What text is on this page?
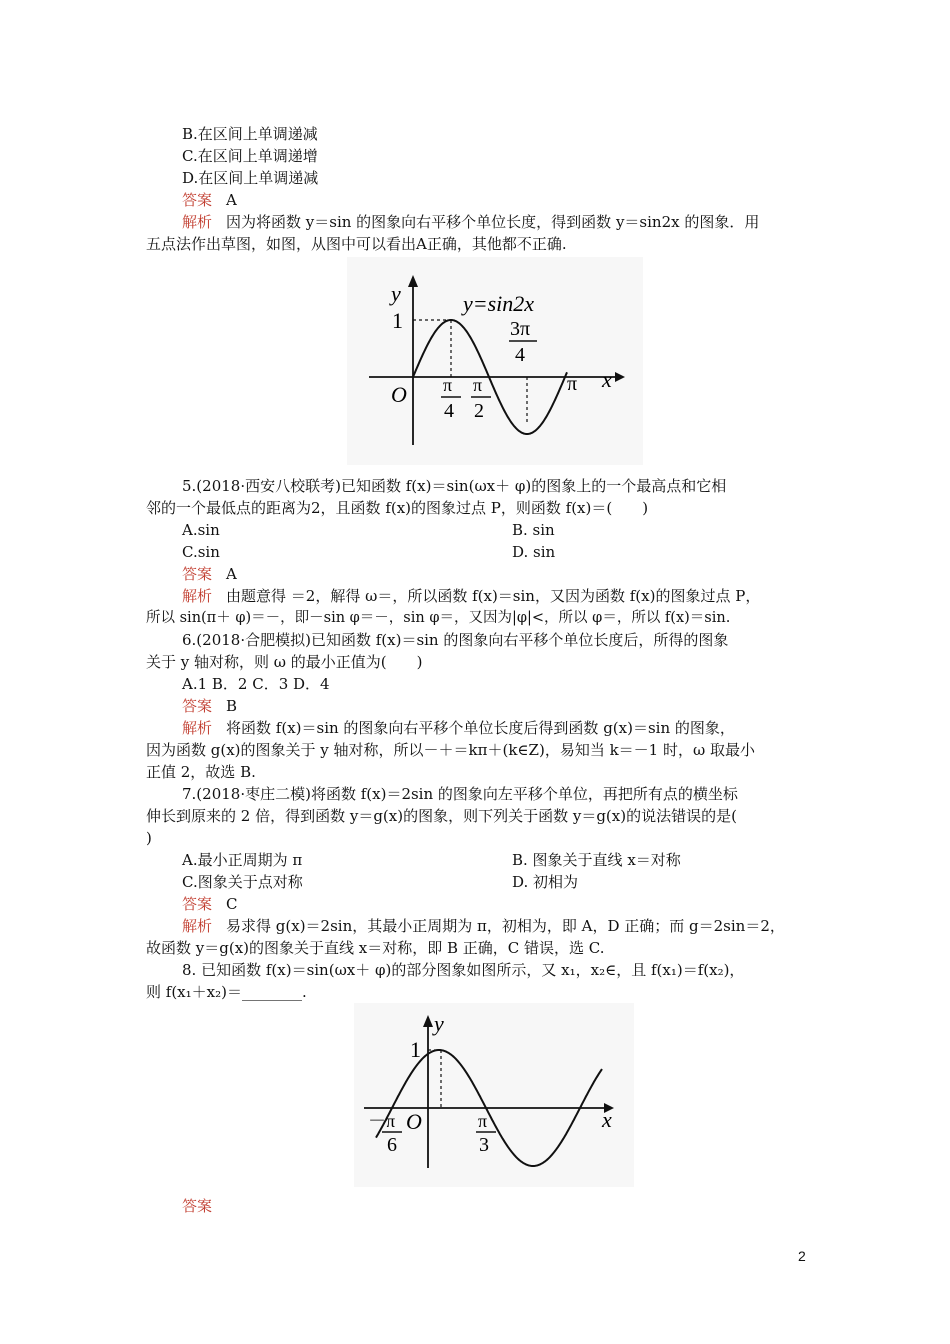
B.在区间上单调递减
C.在区间上单调递增
D.在区间上单调递减
答案 A
解析 因为将函数 y＝sin 的图象向右平移个单位长度，得到函数 y＝sin2x 的图象．用
五点法作出草图，如图，从图中可以看出A正确，其他都不正确.
y
x
O
1
y=sin2x
π
4
π
2
3π
4
π
5.(2018·西安八校联考)已知函数 f(x)＝sin(ωx＋ φ)的图象上的一个最高点和它相
邻的一个最低点的距离为2，且函数 f(x)的图象过点 P，则函数 f(x)＝(　　)
A.sin	B. sin
C.sin	D. sin
答案 A
解析 由题意得 ＝2，解得 ω＝，所以函数 f(x)＝sin，又因为函数 f(x)的图象过点 P，
所以 sin(π＋ φ)＝－，即－sin φ＝－，sin φ＝，又因为|φ|<，所以 φ＝，所以 f(x)＝sin.
6.(2018·合肥模拟)已知函数 f(x)＝sin 的图象向右平移个单位长度后，所得的图象
关于 y 轴对称，则 ω 的最小正值为(　　)
A.1 B．2 C．3 D．4
答案 B
解析 将函数 f(x)＝sin 的图象向右平移个单位长度后得到函数 g(x)＝sin 的图象，
因为函数 g(x)的图象关于 y 轴对称，所以－＋＝kπ＋(k∈Z)，易知当 k＝－1 时，ω 取最小
正值 2，故选 B.
7.(2018·枣庄二模)将函数 f(x)＝2sin 的图象向左平移个单位，再把所有点的横坐标
伸长到原来的 2 倍，得到函数 y＝g(x)的图象，则下列关于函数 y＝g(x)的说法错误的是(
)
A.最小正周期为 π	B. 图象关于直线 x＝对称
C.图象关于点对称	D. 初相为
答案 C
解析 易求得 g(x)＝2sin，其最小正周期为 π，初相为，即 A，D 正确；而 g＝2sin＝2，
故函数 y＝g(x)的图象关于直线 x＝对称，即 B 正确，C 错误，选 C.
8. 已知函数 f(x)＝sin(ωx＋ φ)的部分图象如图所示，又 x₁，x₂∈，且 f(x₁)＝f(x₂)，
则 f(x₁＋x₂)＝________.
y
x
O
1
－π
6
π
3
答案
2
